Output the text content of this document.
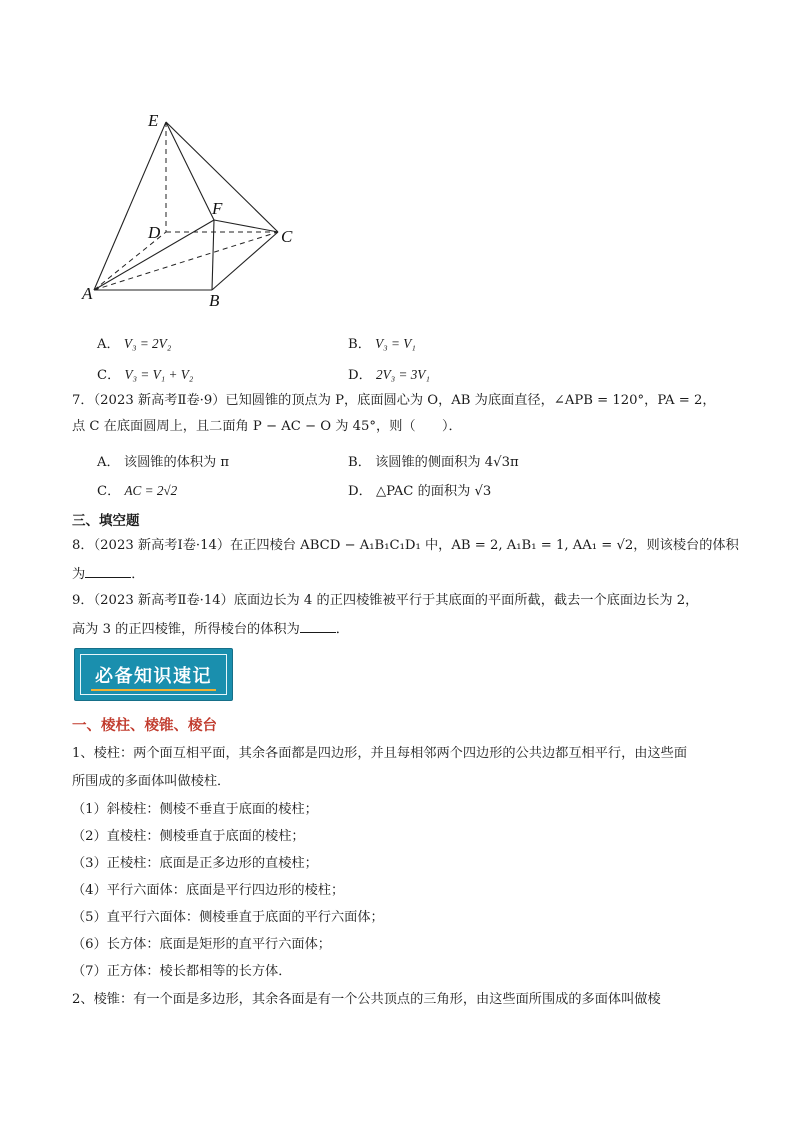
E
F
D	C
A	B
A． V₃ = 2V₂	B． V₃ = V₁
C． V₃ = V₁ + V₂	D． 2V₃ = 3V₁
7．（2023 新高考Ⅱ卷·9）已知圆锥的顶点为 P，底面圆心为 O，AB 为底面直径，∠APB = 120°，PA = 2，
点 C 在底面圆周上，且二面角 P − AC − O 为 45°，则（　　）．
A． 该圆锥的体积为 π	B． 该圆锥的侧面积为 4√3π
C． AC = 2√2	D． △PAC 的面积为 √3
三、填空题
8．（2023 新高考Ⅰ卷·14）在正四棱台 ABCD − A₁B₁C₁D₁ 中，AB = 2, A₁B₁ = 1, AA₁ = √2，则该棱台的体积
为	．
9．（2023 新高考Ⅱ卷·14）底面边长为 4 的正四棱锥被平行于其底面的平面所截，截去一个底面边长为 2，
高为 3 的正四棱锥，所得棱台的体积为	．
必备知识速记
一、棱柱、棱锥、棱台
1、棱柱：两个面互相平面，其余各面都是四边形，并且每相邻两个四边形的公共边都互相平行，由这些面
所围成的多面体叫做棱柱．
（1）斜棱柱：侧棱不垂直于底面的棱柱；
（2）直棱柱：侧棱垂直于底面的棱柱；
（3）正棱柱：底面是正多边形的直棱柱；
（4）平行六面体：底面是平行四边形的棱柱；
（5）直平行六面体：侧棱垂直于底面的平行六面体；
（6）长方体：底面是矩形的直平行六面体；
（7）正方体：棱长都相等的长方体．
2、棱锥：有一个面是多边形，其余各面是有一个公共顶点的三角形，由这些面所围成的多面体叫做棱
